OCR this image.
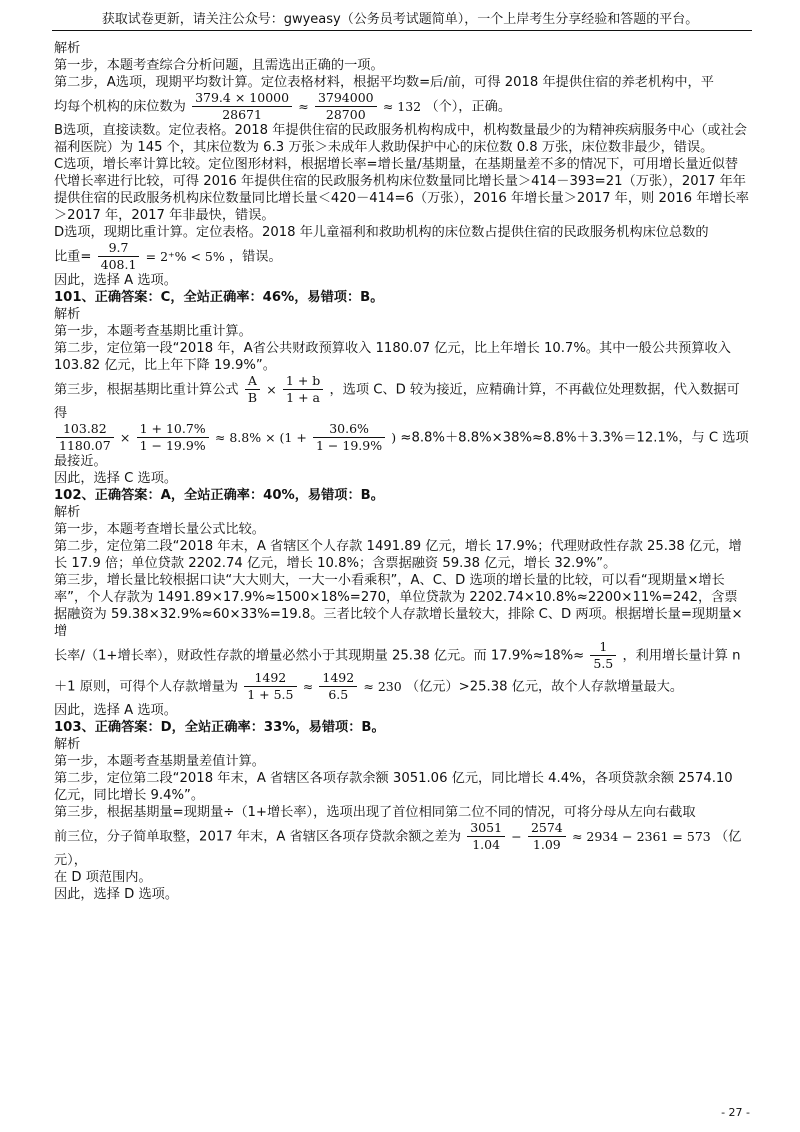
获取试卷更新，请关注公众号：gwyeasy（公务员考试题简单），一个上岸考生分享经验和答题的平台。

解析

第一步，本题考查综合分析问题，且需选出正确的一项。

第二步，A选项，现期平均数计算。定位表格材料，根据平均数=后/前，可得 2018 年提供住宿的养老机构中，平

均每个机构的床位数为 $\frac{379.4 \times 10000}{28671} \approx \frac{3794000}{28700} \approx 132$ （个），正确。

B选项，直接读数。定位表格。2018 年提供住宿的民政服务机构构成中，机构数量最少的为精神疾病服务中心（或社会福利医院）为 145 个，其床位数为 6.3 万张＞未成年人救助保护中心的床位数 0.8 万张，床位数非最少，错误。

C选项，增长率计算比较。定位图形材料，根据增长率=增长量/基期量，在基期量差不多的情况下，可用增长量近似替代增长率进行比较，可得 2016 年提供住宿的民政服务机构床位数量同比增长量＞414－393=21（万张），2017 年年提供住宿的民政服务机构床位数量同比增长量＜420－414=6（万张），2016 年增长量＞2017 年，则 2016 年增长率＞2017 年，2017 年非最快，错误。

D选项，现期比重计算。定位表格。2018 年儿童福利和救助机构的床位数占提供住宿的民政服务机构床位总数的

比重= $\frac{9.7}{408.1} = 2^+\% < 5\%$ ，错误。

因此，选择 A 选项。

101、正确答案：C，全站正确率：46%，易错项：B。

解析

第一步，本题考查基期比重计算。

第二步，定位第一段“2018 年，A省公共财政预算收入 1180.07 亿元，比上年增长 10.7%。其中一般公共预算收入 103.82 亿元，比上年下降 19.9%”。

第三步，根据基期比重计算公式 $\frac{A}{B} \times \frac{1 + b}{1 + a}$ ，选项 C、D 较为接近，应精确计算，不再截位处理数据，代入数据可得

$\frac{103.82}{1180.07} \times \frac{1 + 10.7\%}{1 - 19.9\%} \approx 8.8\% \times (1 + \frac{30.6\%}{1 - 19.9\%}$ ) ≈8.8%＋8.8%×38%≈8.8%＋3.3%＝12.1%，与 C 选项最接近。

因此，选择 C 选项。

102、正确答案：A，全站正确率：40%，易错项：B。

解析

第一步，本题考查增长量公式比较。

第二步，定位第二段“2018 年末，A 省辖区个人存款 1491.89 亿元，增长 17.9%；代理财政性存款 25.38 亿元，增长 17.9 倍；单位贷款 2202.74 亿元，增长 10.8%；含票据融资 59.38 亿元，增长 32.9%”。

第三步，增长量比较根据口诀“大大则大，一大一小看乘积”，A、C、D 选项的增长量的比较，可以看“现期量×增长率”，个人存款为 1491.89×17.9%≈1500×18%=270，单位贷款为 2202.74×10.8%≈2200×11%=242，含票据融资为 59.38×32.9%≈60×33%=19.8。三者比较个人存款增长量较大，排除 C、D 两项。根据增长量=现期量×增

长率/（1+增长率），财政性存款的增量必然小于其现期量 25.38 亿元。而 $17.9\%\approx 18\%\approx \frac{1}{5.5}$ ，利用增长量计算 n

＋1 原则，可得个人存款增量为 $\frac{1492}{1 + 5.5} \approx \frac{1492}{6.5} \approx 230$ （亿元）>25.38 亿元，故个人存款增量最大。

因此，选择 A 选项。

103、正确答案：D，全站正确率：33%，易错项：B。

解析

第一步，本题考查基期量差值计算。

第二步，定位第二段“2018 年末，A 省辖区各项存款余额 3051.06 亿元，同比增长 4.4%，各项贷款余额 2574.10 亿元，同比增长 9.4%”。

第三步，根据基期量=现期量÷（1+增长率），选项出现了首位相同第二位不同的情况，可将分母从左向右截取

前三位，分子简单取整，2017 年末，A 省辖区各项存贷款余额之差为 $\frac{3051}{1.04} - \frac{2574}{1.09} \approx 2934 - 2361 = 573$ （亿元），

在 D 项范围内。

因此，选择 D 选项。

- 27 -
